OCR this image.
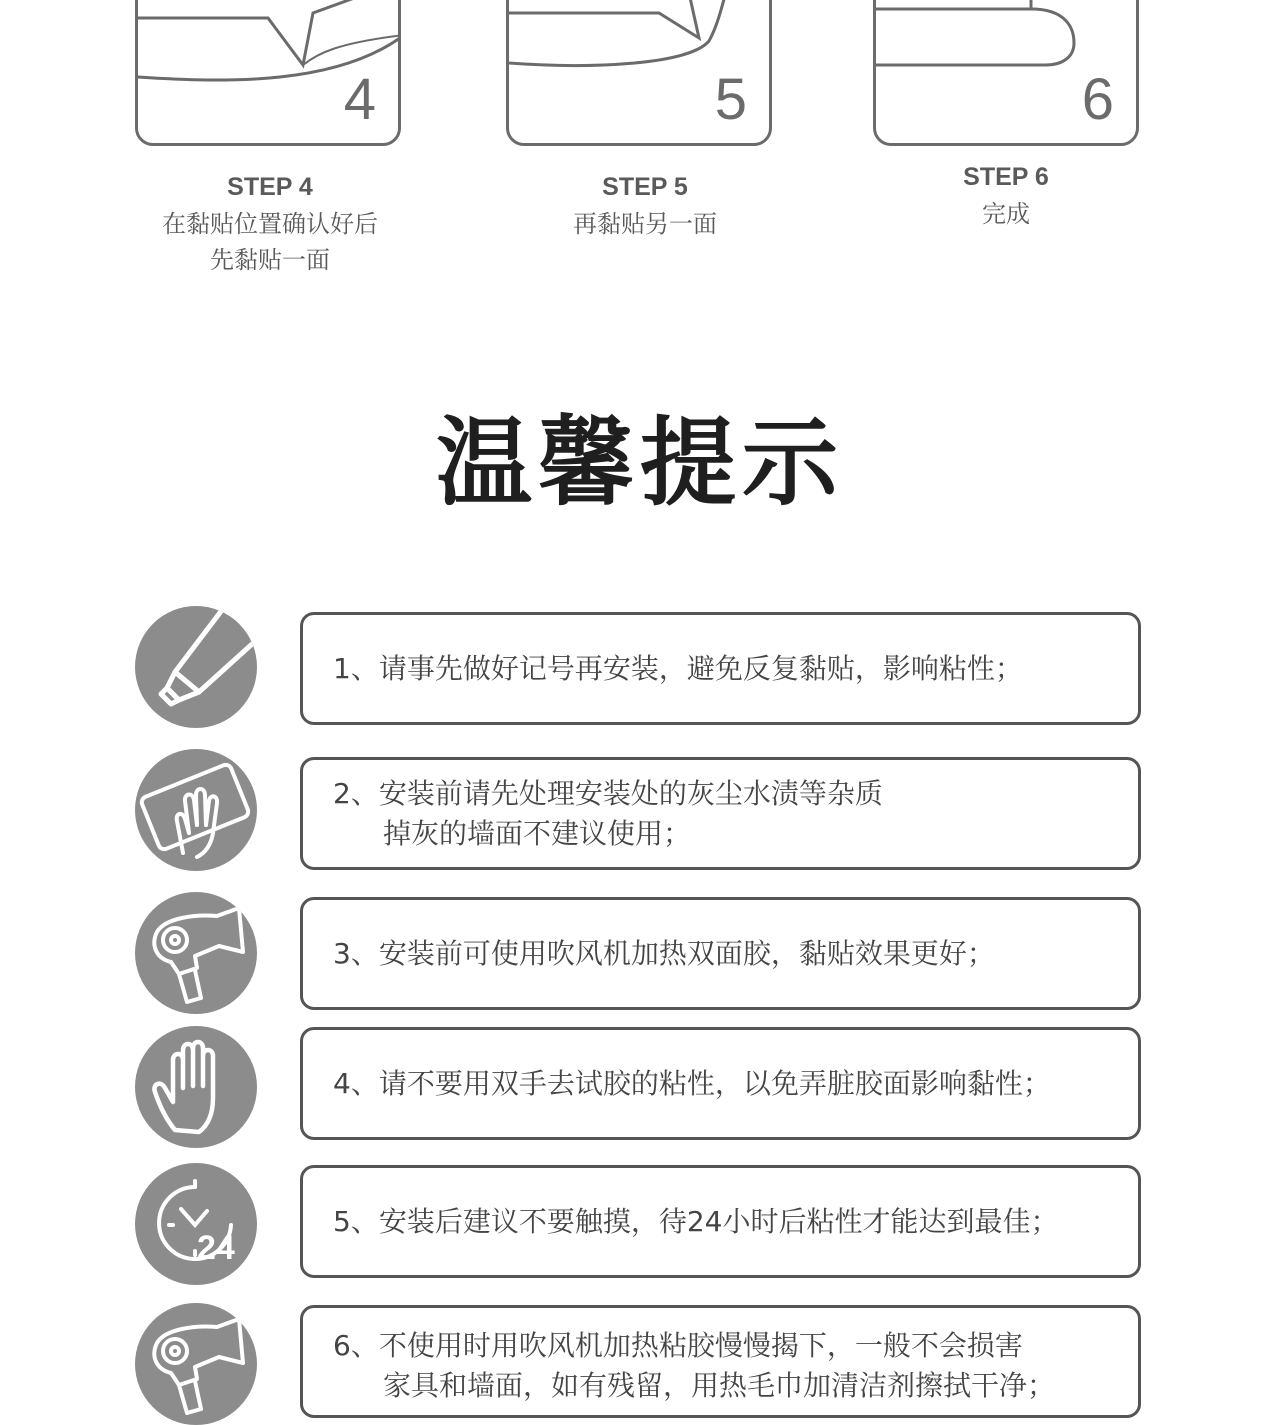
4
STEP 4
在黏贴位置确认好后
先黏贴一面
5
STEP 5
再黏贴另一面
6
STEP 6
完成
温馨提示
1、请事先做好记号再安装，避免反复黏贴，影响粘性；
2、安装前请先处理安装处的灰尘水渍等杂质
掉灰的墙面不建议使用；
3、安装前可使用吹风机加热双面胶，黏贴效果更好；
4、请不要用双手去试胶的粘性，以免弄脏胶面影响黏性；
24
5、安装后建议不要触摸，待24小时后粘性才能达到最佳；
6、不使用时用吹风机加热粘胶慢慢揭下，一般不会损害
家具和墙面，如有残留，用热毛巾加清洁剂擦拭干净；
